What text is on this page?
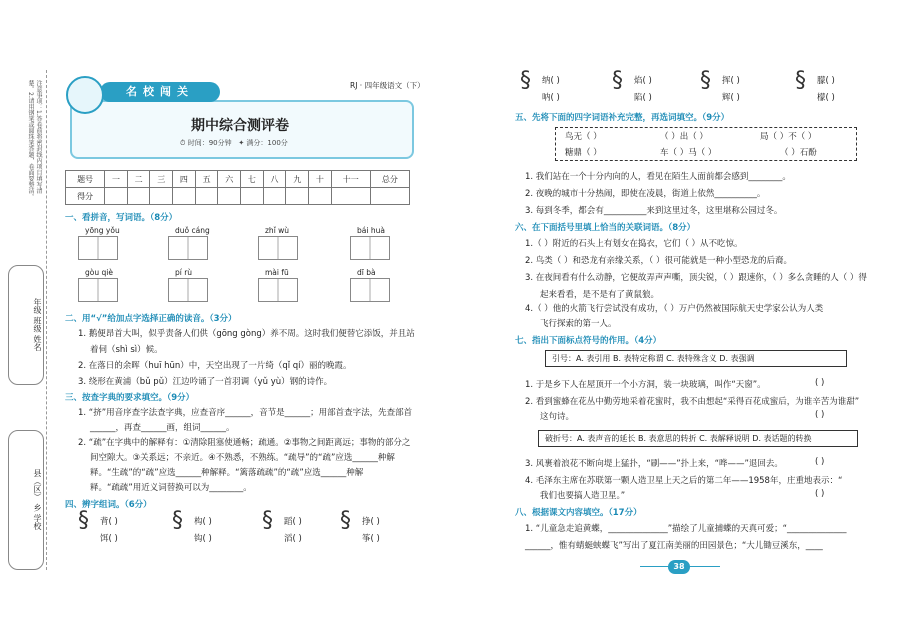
注意事项：1.答卷前将密封线内项目填写清楚。2.请用钢笔或圆珠笔答题，卷面要整洁。
年级 班级 姓名
县（区） 乡 学校
名校闯关	RJ · 四年级语文（下）
期中综合测评卷
⏱ 时间：90分钟 ✦ 满分：100分
题号	一	二	三	四	五	六	七	八	九	十	十一	总分
得分												
一、看拼音，写词语。（8分）
yōng yǒu	duǒ cáng	zhǐ wù	bái huà
gòu qiè	pí rù	mài fū	dī bà
二、用“√”给加点字选择正确的读音。（3分）
1. 鹅便昂首大叫，似乎责备人们供（gōng gòng）养不周。这时我们便替它添饭，并且站
着伺（shì sì）候。
2. 在落日的余晖（huī hūn）中，天空出现了一片绮（qǐ qí）丽的晚霞。
3. 绕形在黄浦（bǔ pǔ）江边吟诵了一首羽调（yǔ yù）钢的诗作。
三、按查字典的要求填空。（9分）
1. “挤”用音序查字法查字典，应查音序______，音节是______；用部首查字法，先查部首
______，再查______画，组词______。
2. “疏”在字典中的解释有：①清除阻塞使通畅；疏通。②事物之间距离远；事物的部分之
间空隙大。③关系远；不亲近。④不熟悉，不熟练。“疏导”的“疏”应选______种解
释。“生疏”的“疏”应选______种解释。“篱落疏疏”的“疏”应选______种解
释。“疏疏”用近义词替换可以为________。
四、辨字组词。（6分）
§ 背( )
饵( )
§ 构( )
钩( )
§ 蹈( )
滔( )
§ 挣( )
筝( )
§ 纳( )
呐( )
§ 焰( )
陷( )
§ 挥( )
辉( )
§ 朦( )
檬( )
五、先将下面的四字词语补充完整，再选词填空。（9分）
鸟无（ ）	（ ）出（ ）	局（ ）不（ ）
糖鼎（ ）	车（ ）马（ ）	（ ）石酚
1. 我们站在一个十分内向的人，看见在陌生人面前都会感到________。
2. 夜晚的城市十分热闹，即使在凌晨，街道上依然__________。
3. 每到冬季，都会有__________来到这里过冬，这里堪称公园过冬。
六、在下面括号里填上恰当的关联词语。（8分）
1.（ ）附近的石头上有划女在捣衣，它们（ ）从不吃惊。
2. 鸟类（ ）和恐龙有亲缘关系，（ ）很可能就是一种小型恐龙的后裔。
3. 在夜间看有什么动静，它便故弄声声嘶，顶尖锐，（ ）跟速你，（ ）多么贪睡的人（ ）得
起来看看，是不是有了黄鼠狼。
4.（ ）他的火箭飞行尝试没有成功，（ ）万户仍然被国际航天史学家公认为人类
飞行探索的第一人。
七、指出下面标点符号的作用。（4分）
引号：A. 表引用 B. 表特定称谓 C. 表特殊含义 D. 表强调
1. 于是乡下人在屋顶开一个小方洞，装一块玻璃，叫作“天窗”。	( )
2. 看到蜜蜂在花丛中勤劳地采着花蜜时，我不由想起“采得百花成蜜后，为谁辛苦为谁甜”
这句诗。	( )
破折号：A. 表声音的延长 B. 表意思的转折 C. 表解释说明 D. 表话题的转换
3. 风裹着浪花不断向堤上猛扑，“刷——”扑上来，“哗——”退回去。	( )
4. 毛泽东主席在苏联第一颗人造卫星上天之后的第二年——1958年，庄重地表示：“
我们也要搞人造卫星。”	( )
八、根据课文内容填空。（17分）
1. “儿童急走追黄蝶，______________”描绘了儿童捕蝶的天真可爱；“______________
______，惟有蜻蜓蛱蝶飞”写出了夏江南美丽的田园景色；“大儿锄豆溪东，____
38
